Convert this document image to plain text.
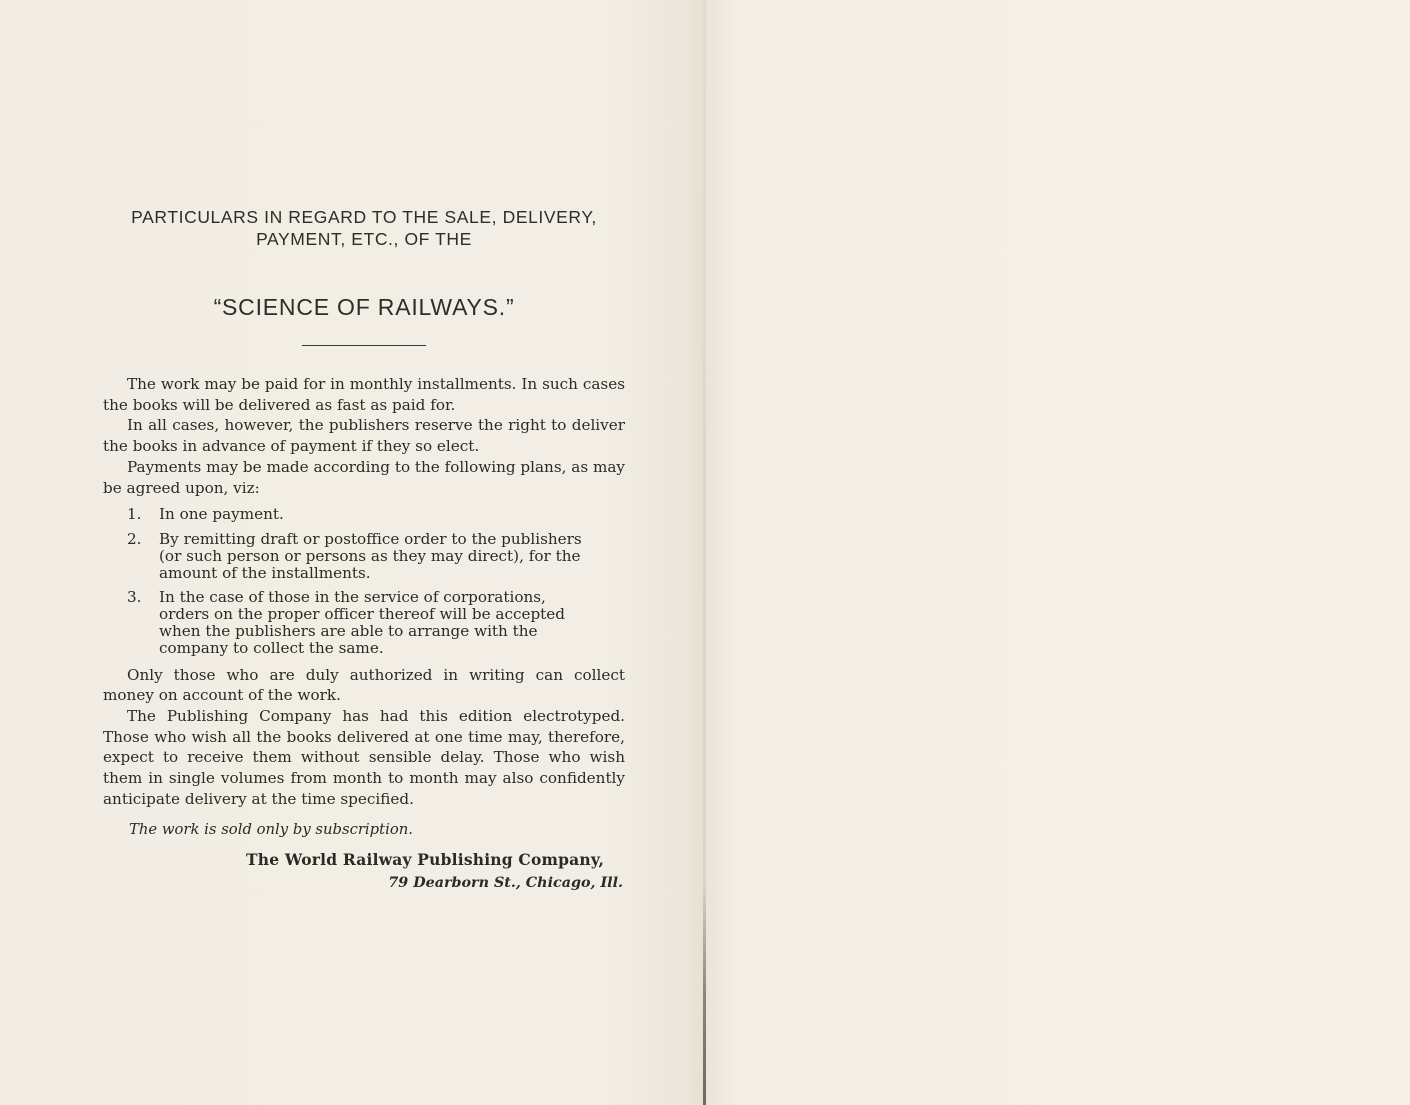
PARTICULARS IN REGARD TO THE SALE, DELIVERY,

PAYMENT, ETC., OF THE

“SCIENCE OF RAILWAYS.”

The work may be paid for in monthly installments. In such cases the books will be delivered as fast as paid for.

In all cases, however, the publishers reserve the right to deliver the books in advance of payment if they so elect.

Payments may be made according to the following plans, as may be agreed upon, viz:

1. In one payment.
2. By remitting draft or postoffice order to the publishers (or such person or persons as they may direct), for the amount of the installments.
3. In the case of those in the service of corporations, orders on the proper officer thereof will be accepted when the publishers are able to arrange with the company to collect the same.

Only those who are duly authorized in writing can collect money on account of the work.

The Publishing Company has had this edition electrotyped. Those who wish all the books delivered at one time may, therefore, expect to receive them without sensible delay. Those who wish them in single volumes from month to month may also confidently anticipate delivery at the time specified.

The work is sold only by subscription.

The World Railway Publishing Company,

79 Dearborn St., Chicago, Ill.
